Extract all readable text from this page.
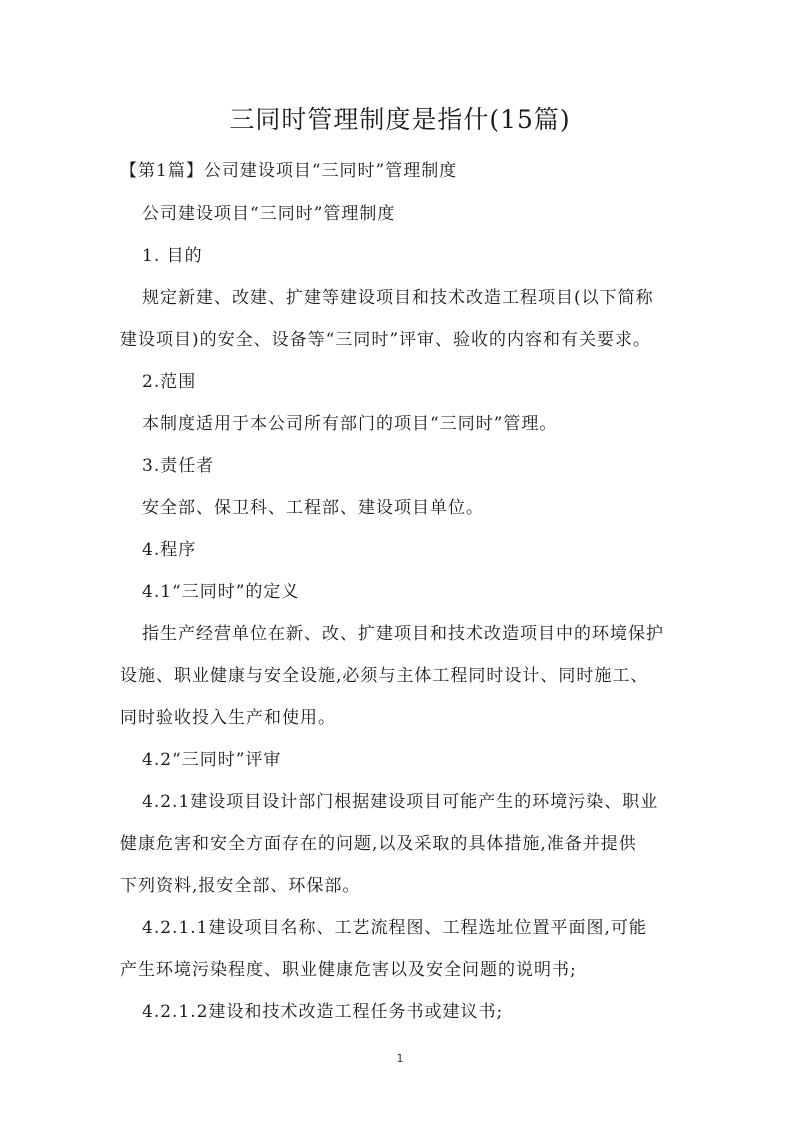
三同时管理制度是指什(15篇)
【第1篇】公司建设项目“三同时”管理制度
公司建设项目“三同时”管理制度
1. 目的
规定新建、改建、扩建等建设项目和技术改造工程项目(以下简称
建设项目)的安全、设备等“三同时”评审、验收的内容和有关要求。
2.范围
本制度适用于本公司所有部门的项目“三同时”管理。
3.责任者
安全部、保卫科、工程部、建设项目单位。
4.程序
4.1“三同时”的定义
指生产经营单位在新、改、扩建项目和技术改造项目中的环境保护
设施、职业健康与安全设施,必须与主体工程同时设计、同时施工、
同时验收投入生产和使用。
4.2“三同时”评审
4.2.1建设项目设计部门根据建设项目可能产生的环境污染、职业
健康危害和安全方面存在的问题,以及采取的具体措施,准备并提供
下列资料,报安全部、环保部。
4.2.1.1建设项目名称、工艺流程图、工程选址位置平面图,可能
产生环境污染程度、职业健康危害以及安全问题的说明书;
4.2.1.2建设和技术改造工程任务书或建议书;
1
